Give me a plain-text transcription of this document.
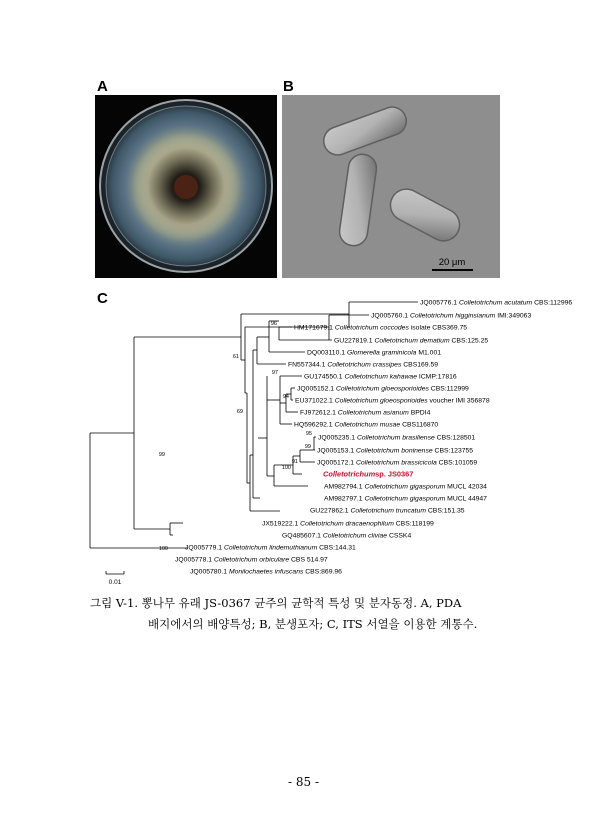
A	B
C
20 μm
JQ005776.1 Colletotrichum acutatum CBS:112996
JQ005760.1 Colletotrichum higginsianum IMI:349063
HM171679.1 Colletotrichum coccodes isolate CBS369.75
GU227819.1 Colletotrichum dematium CBS:125.25
DQ003110.1 Glomerella graminicola M1.001
FN557344.1 Colletotrichum crassipes CBS169.59
GU174550.1 Colletotrichum kahawae ICMP:17816
JQ005152.1 Colletotrichum gloeosporioides CBS:112999
EU371022.1 Colletotrichum gloeosporioides voucher IMI 356878
FJ972612.1 Colletotrichum asianum BPDI4
HQ596292.1 Colletotrichum musae CBS116870
JQ005235.1 Colletotrichum brasiliense CBS:128501
JQ005153.1 Colletotrichum boninense CBS:123755
JQ005172.1 Colletotrichum brassicicola CBS:101059
Colletotrichumsp. JS0367
AM982794.1 Colletotrichum gigasporum MUCL 42034
AM982797.1 Colletotrichum gigasporum MUCL 44947
GU227862.1 Colletotrichum truncatum CBS:151.35
JX519222.1 Colletotrichum dracaenophilum CBS:118199
GQ485607.1 Colletotrichum cliviae CSSK4
JQ005779.1 Colletotrichum lindemuthianum CBS:144.31
JQ005778.1 Colletotrichum orbiculare CBS 514.97
JQ005780.1 Monilochaetes infuscans CBS:869.96
96
97
61
94
69
99
95
100
91
99
100
0.01
그림 V-1. 뽕나무 유래 JS-0367 균주의 균학적 특성 및 분자동정. A, PDA
배지에서의 배양특성; B, 분생포자; C, ITS 서열을 이용한 계통수.
- 85 -
